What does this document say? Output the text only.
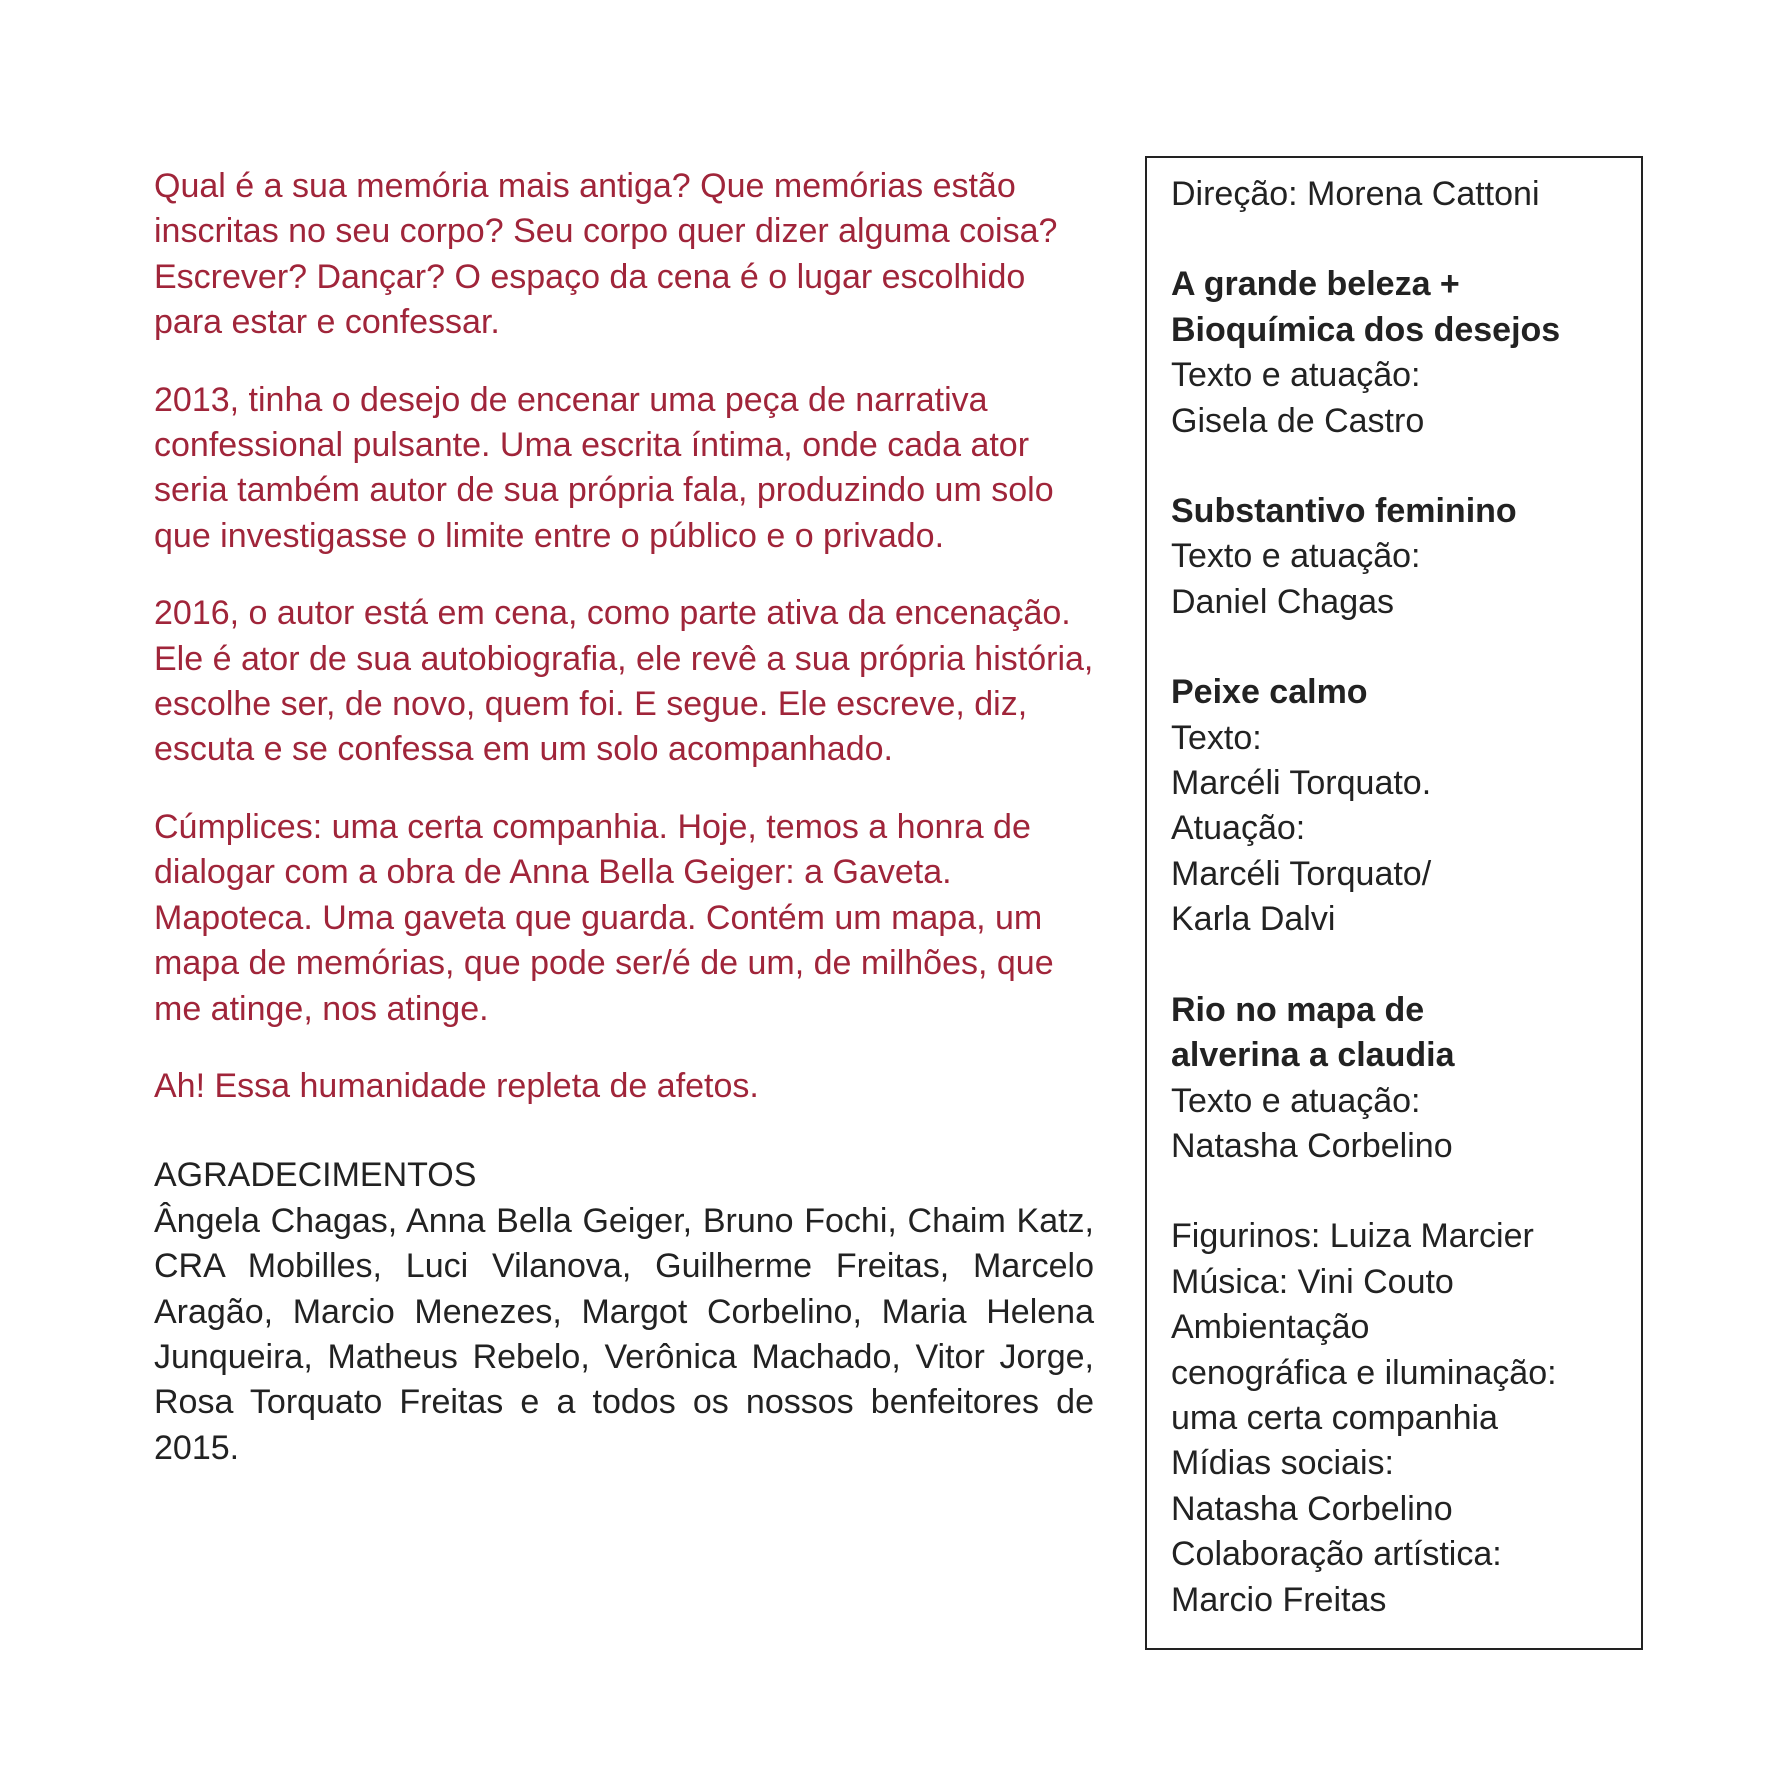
Qual é a sua memória mais antiga? Que memórias estão inscritas no seu corpo? Seu corpo quer dizer alguma coisa? Escrever? Dançar? O espaço da cena é o lugar escolhido para estar e confessar.

2013, tinha o desejo de encenar uma peça de narrativa confessional pulsante. Uma escrita íntima, onde cada ator seria também autor de sua própria fala, produzindo um solo que investigasse o limite entre o público e o privado.

2016, o autor está em cena, como parte ativa da encenação. Ele é ator de sua autobiografia, ele revê a sua própria história, escolhe ser, de novo, quem foi. E segue. Ele escreve, diz, escuta e se confessa em um solo acompanhado.

Cúmplices: uma certa companhia. Hoje, temos a honra de dialogar com a obra de Anna Bella Geiger: a Gaveta. Mapoteca. Uma gaveta que guarda. Contém um mapa, um mapa de memórias, que pode ser/é de um, de milhões, que me atinge, nos atinge.

Ah! Essa humanidade repleta de afetos.

AGRADECIMENTOS
Ângela Chagas, Anna Bella Geiger, Bruno Fochi, Chaim Katz, CRA Mobilles, Luci Vilanova, Guilherme Freitas, Marcelo Aragão, Marcio Menezes, Margot Corbelino, Maria Helena Junqueira, Matheus Rebelo, Verônica Machado, Vitor Jorge, Rosa Torquato Freitas e a todos os nossos benfeitores de 2015.
Direção: Morena Cattoni
A grande beleza +
Bioquímica dos desejos
Texto e atuação:
Gisela de Castro
Substantivo feminino
Texto e atuação:
Daniel Chagas
Peixe calmo
Texto:
Marcéli Torquato.
Atuação:
Marcéli Torquato/
Karla Dalvi
Rio no mapa de
alverina a claudia
Texto e atuação:
Natasha Corbelino
Figurinos: Luiza Marcier
Música: Vini Couto
Ambientação
cenográfica e iluminação:
uma certa companhia
Mídias sociais:
Natasha Corbelino
Colaboração artística:
Marcio Freitas
